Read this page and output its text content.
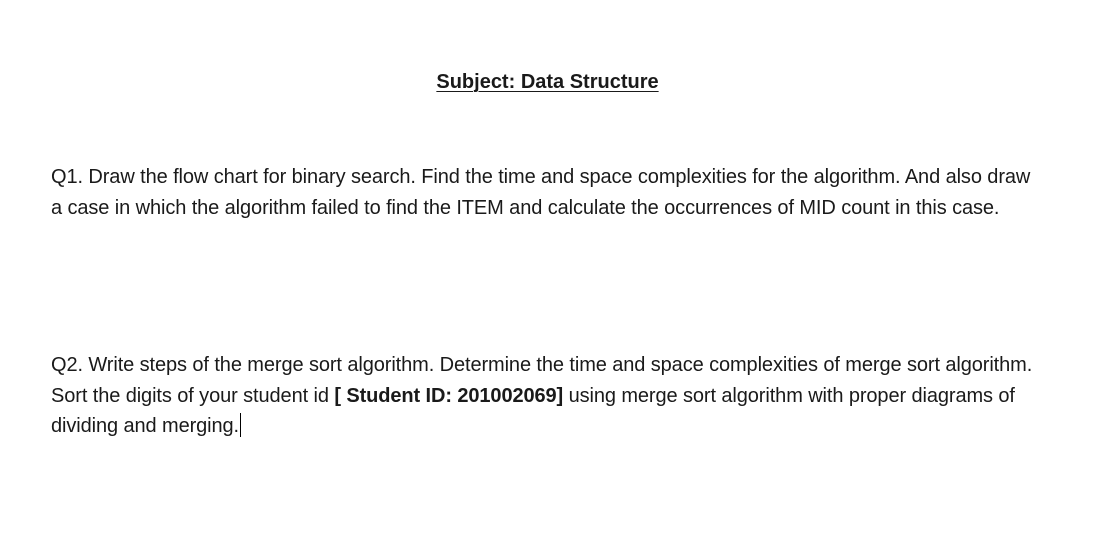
Subject: Data Structure
Q1. Draw the flow chart for binary search. Find the time and space complexities for the algorithm. And also draw a case in which the algorithm failed to find the ITEM and calculate the occurrences of MID count in this case.
Q2. Write steps of the merge sort algorithm. Determine the time and space complexities of merge sort algorithm. Sort the digits of your student id [ Student ID: 201002069] using merge sort algorithm with proper diagrams of dividing and merging.
